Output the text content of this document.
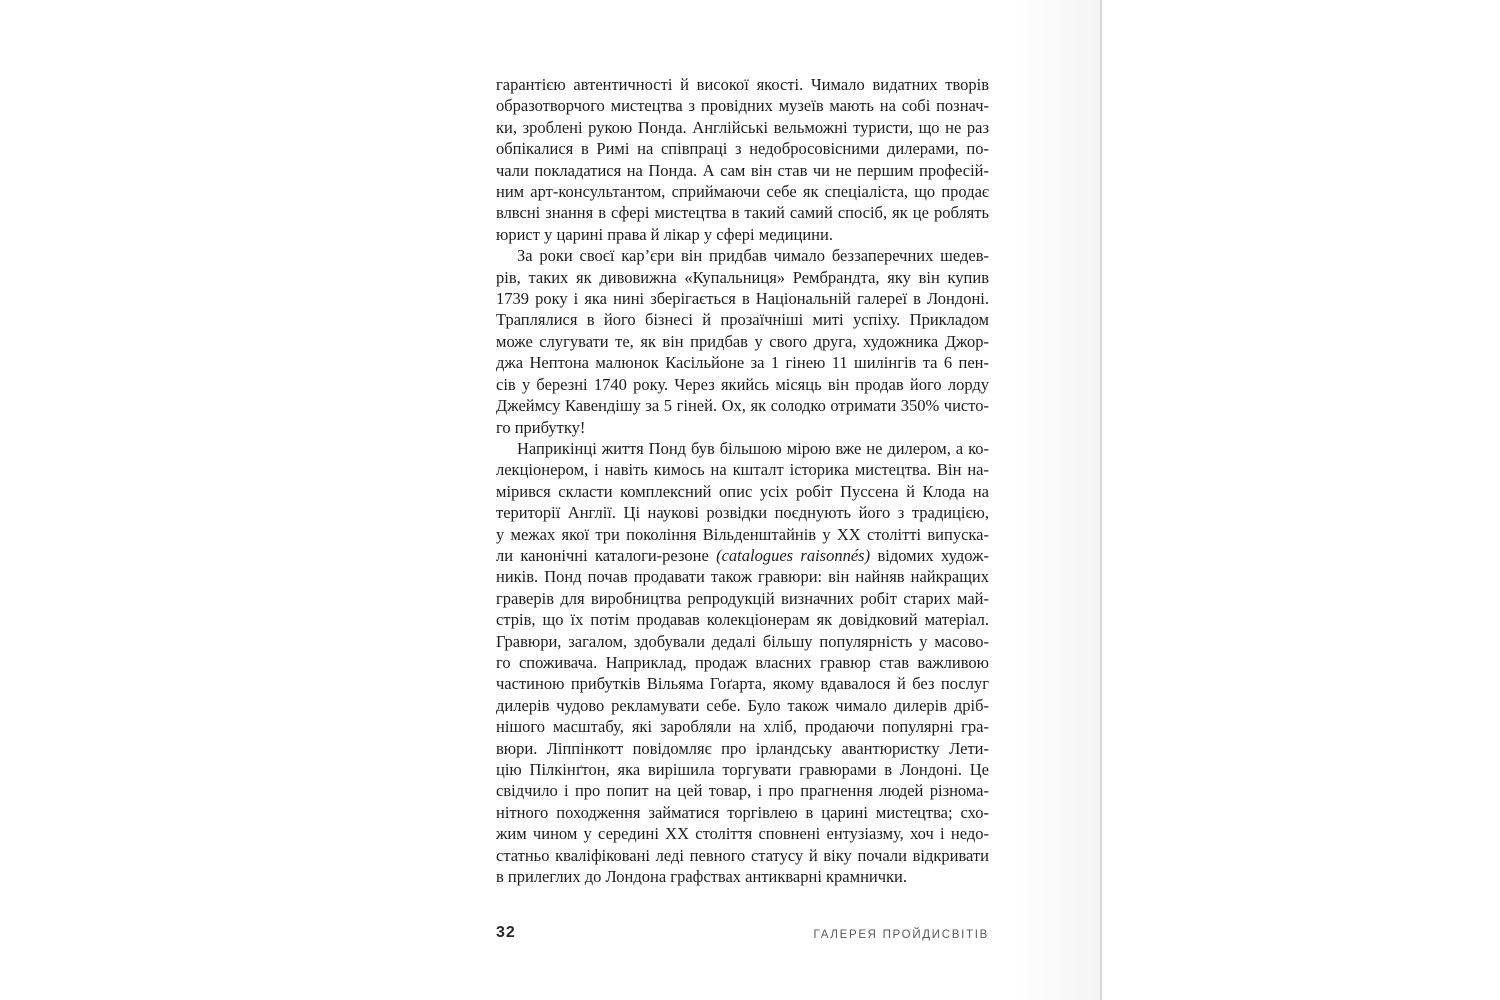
гарантією автентичності й високої якості. Чимало видатних творів
образотворчого мистецтва з провідних музеїв мають на собі познач-
ки, зроблені рукою Понда. Англійські вельможні туристи, що не раз
обпікалися в Римі на співпраці з недобросовісними дилерами, по-
чали покладатися на Понда. А сам він став чи не першим професій-
ним арт-консультантом, сприймаючи себе як спеціаліста, що продає
влвсні знання в сфері мистецтва в такий самий спосіб, як це роблять
юрист у царині права й лікар у сфері медицини.
За роки своєї кар’єри він придбав чимало беззаперечних шедев-
рів, таких як дивовижна «Купальниця» Рембрандта, яку він купив
1739 року і яка нині зберігається в Національній галереї в Лондоні.
Траплялися в його бізнесі й прозаїчніші миті успіху. Прикладом
може слугувати те, як він придбав у свого друга, художника Джор-
джа Нептона малюнок Касільйоне за 1 гінею 11 шилінгів та 6 пен-
сів у березні 1740 року. Через якийсь місяць він продав його лорду
Джеймсу Кавендішу за 5 гіней. Ох, як солодко отримати 350% чисто-
го прибутку!
Наприкінці життя Понд був більшою мірою вже не дилером, а ко-
лекціонером, і навіть кимось на кшталт історика мистецтва. Він на-
мірився скласти комплексний опис усіх робіт Пуссена й Клода на
території Англії. Ці наукові розвідки поєднують його з традицією,
у межах якої три покоління Вільденштайнів у XX столітті випуска-
ли канонічні каталоги-резоне (catalogues raisonnés) відомих худож-
ників. Понд почав продавати також гравюри: він найняв найкращих
граверів для виробництва репродукцій визначних робіт старих май-
стрів, що їх потім продавав колекціонерам як довідковий матеріал.
Гравюри, загалом, здобували дедалі більшу популярність у масово-
го споживача. Наприклад, продаж власних гравюр став важливою
частиною прибутків Вільяма Гоґарта, якому вдавалося й без послуг
дилерів чудово рекламувати себе. Було також чимало дилерів дріб-
нішого масштабу, які заробляли на хліб, продаючи популярні гра-
вюри. Ліппінкотт повідомляє про ірландську авантюристку Лети-
цію Пілкінґтон, яка вирішила торгувати гравюрами в Лондоні. Це
свідчило і про попит на цей товар, і про прагнення людей різнома-
нітного походження займатися торгівлею в царині мистецтва; схо-
жим чином у середині XX століття сповнені ентузіазму, хоч і недо-
статньо кваліфіковані леді певного статусу й віку почали відкривати
в прилеглих до Лондона графствах антикварні крамнички.
32	ГАЛЕРЕЯ ПРОЙДИСВІТІВ
